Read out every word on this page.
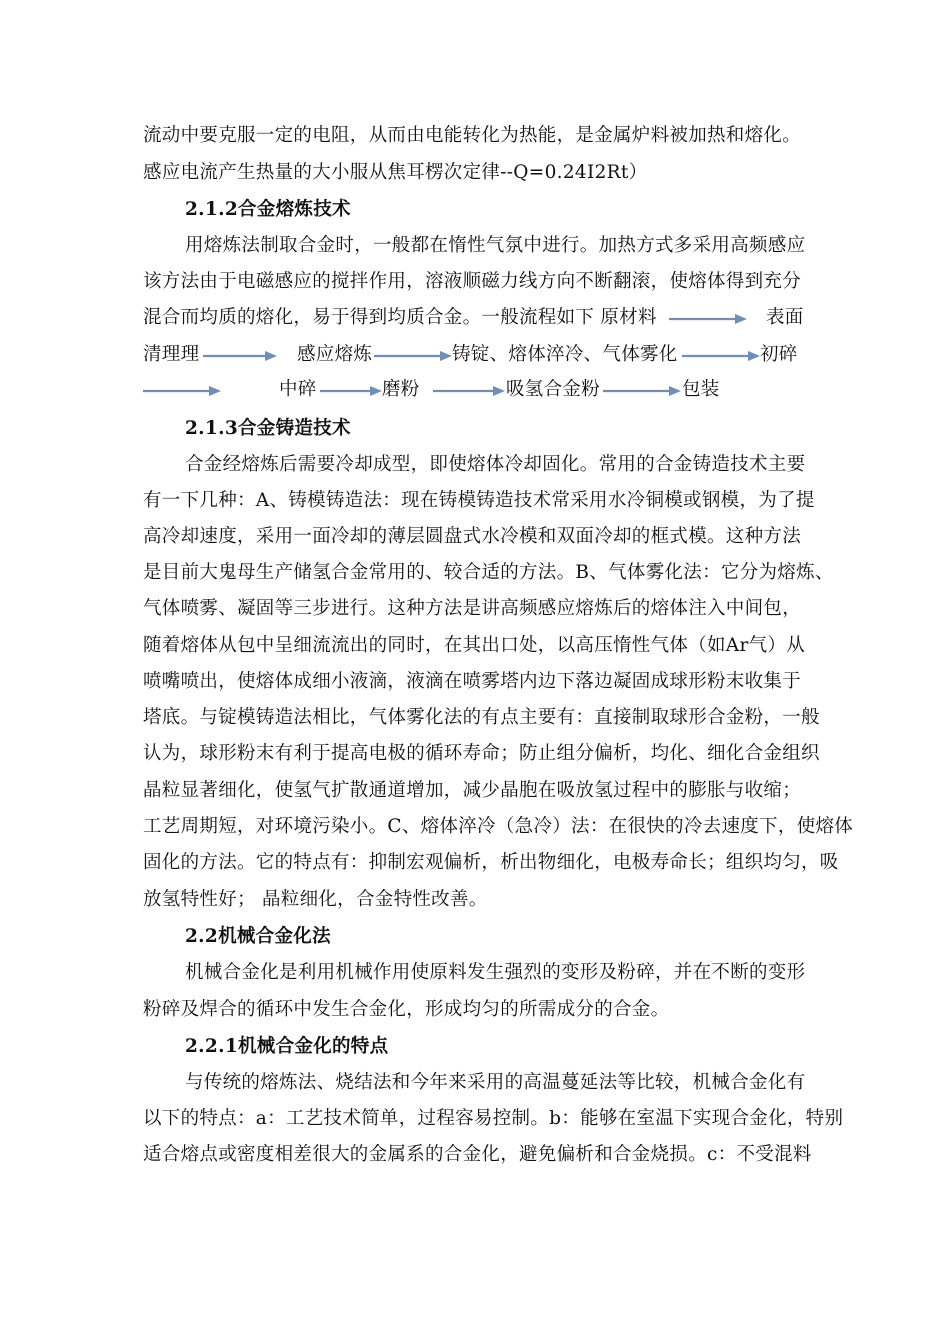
流动中要克服一定的电阻，从而由电能转化为热能，是金属炉料被加热和熔化。
感应电流产生热量的大小服从焦耳楞次定律--Q=0.24I2Rt）
2.1.2合金熔炼技术
用熔炼法制取合金时，一般都在惰性气氛中进行。加热方式多采用高频感应
该方法由于电磁感应的搅拌作用，溶液顺磁力线方向不断翻滚，使熔体得到充分
混合而均质的熔化，易于得到均质合金。一般流程如下 原材料	表面
清理理	感应熔炼	铸锭、熔体淬冷、气体雾化	初碎
中碎	磨粉	吸氢合金粉	包装
2.1.3合金铸造技术
合金经熔炼后需要冷却成型，即使熔体冷却固化。常用的合金铸造技术主要
有一下几种：A、铸模铸造法：现在铸模铸造技术常采用水冷铜模或钢模，为了提
高冷却速度，采用一面冷却的薄层圆盘式水冷模和双面冷却的框式模。这种方法
是目前大鬼母生产储氢合金常用的、较合适的方法。B、气体雾化法：它分为熔炼、
气体喷雾、凝固等三步进行。这种方法是讲高频感应熔炼后的熔体注入中间包，
随着熔体从包中呈细流流出的同时，在其出口处，以高压惰性气体（如Ar气）从
喷嘴喷出，使熔体成细小液滴，液滴在喷雾塔内边下落边凝固成球形粉末收集于
塔底。与锭模铸造法相比，气体雾化法的有点主要有：直接制取球形合金粉，一般
认为，球形粉末有利于提高电极的循环寿命；防止组分偏析，均化、细化合金组织
晶粒显著细化，使氢气扩散通道增加，减少晶胞在吸放氢过程中的膨胀与收缩；
工艺周期短，对环境污染小。C、熔体淬冷（急冷）法：在很快的冷去速度下，使熔体
固化的方法。它的特点有：抑制宏观偏析，析出物细化，电极寿命长；组织均匀，吸
放氢特性好； 晶粒细化，合金特性改善。
2.2机械合金化法
机械合金化是利用机械作用使原料发生强烈的变形及粉碎，并在不断的变形
粉碎及焊合的循环中发生合金化，形成均匀的所需成分的合金。
2.2.1机械合金化的特点
与传统的熔炼法、烧结法和今年来采用的高温蔓延法等比较，机械合金化有
以下的特点：a：工艺技术简单，过程容易控制。b：能够在室温下实现合金化，特别
适合熔点或密度相差很大的金属系的合金化，避免偏析和合金烧损。c：不受混料
